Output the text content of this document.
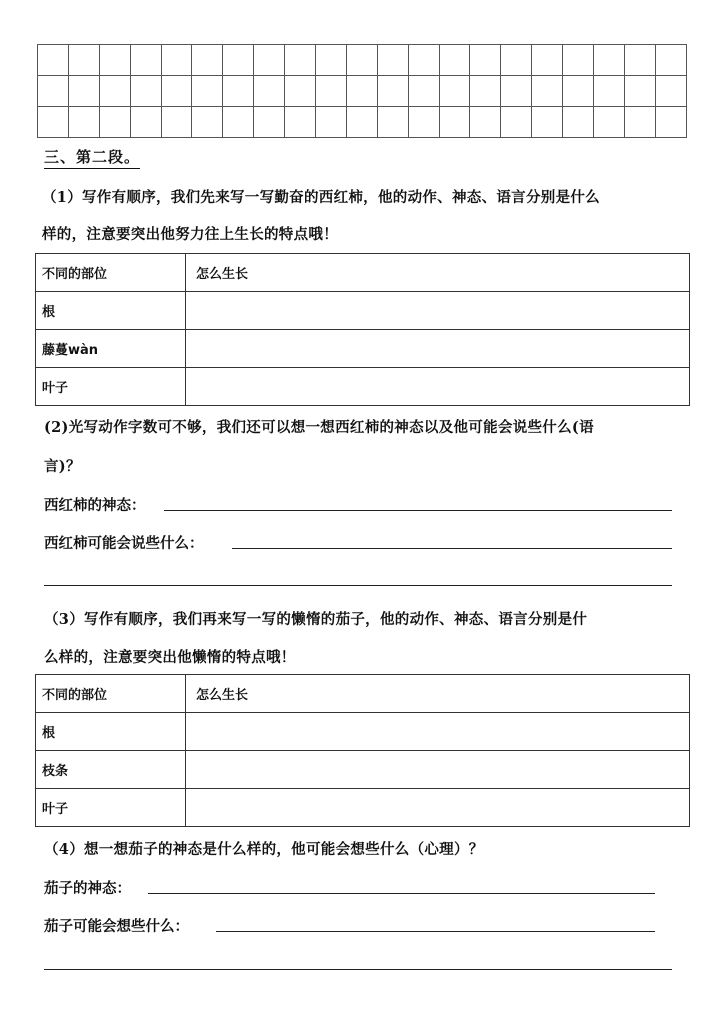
三、第二段。
（1）写作有顺序，我们先来写一写勤奋的西红柿，他的动作、神态、语言分别是什么
样的，注意要突出他努力往上生长的特点哦！
不同的部位	怎么生长
根	
藤蔓wàn	
叶子	
(2)光写动作字数可不够，我们还可以想一想西红柿的神态以及他可能会说些什么(语
言)？
西红柿的神态：
西红柿可能会说些什么：
（3）写作有顺序，我们再来写一写的懒惰的茄子，他的动作、神态、语言分别是什
么样的，注意要突出他懒惰的特点哦！
不同的部位	怎么生长
根	
枝条	
叶子	
（4）想一想茄子的神态是什么样的，他可能会想些什么（心理）？
茄子的神态：
茄子可能会想些什么：
